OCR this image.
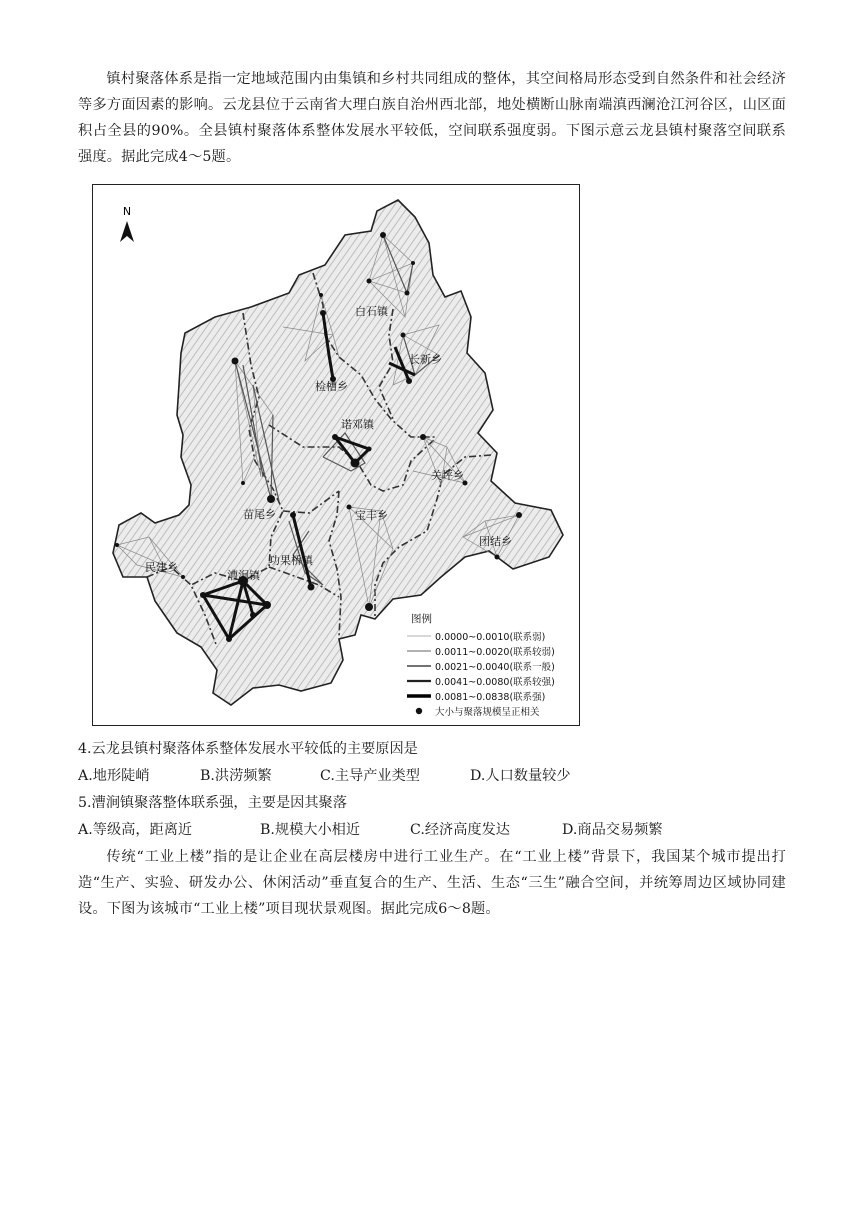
镇村聚落体系是指一定地域范围内由集镇和乡村共同组成的整体，其空间格局形态受到自然条件和社会经济等多方面因素的影响。云龙县位于云南省大理白族自治州西北部，地处横断山脉南端滇西澜沧江河谷区，山区面积占全县的90%。全县镇村聚落体系整体发展水平较低，空间联系强度弱。下图示意云龙县镇村聚落空间联系强度。据此完成4～5题。
N
白石镇
长新乡
检槽乡
诺邓镇
关坪乡
苗尾乡	宝丰乡
团结乡
功果桥镇
民建乡
漕涧镇
图例
0.0000~0.0010(联系弱)
0.0011~0.0020(联系较弱)
0.0021~0.0040(联系一般)
0.0041~0.0080(联系较强)
0.0081~0.0838(联系强)
大小与聚落规模呈正相关
4.云龙县镇村聚落体系整体发展水平较低的主要原因是
A.地形陡峭	B.洪涝频繁	C.主导产业类型	D.人口数量较少
5.漕涧镇聚落整体联系强，主要是因其聚落
A.等级高，距离近	B.规模大小相近	C.经济高度发达	D.商品交易频繁
传统“工业上楼”指的是让企业在高层楼房中进行工业生产。在“工业上楼”背景下，我国某个城市提出打造“生产、实验、研发办公、休闲活动”垂直复合的生产、生活、生态“三生”融合空间，并统筹周边区域协同建设。下图为该城市“工业上楼”项目现状景观图。据此完成6～8题。
